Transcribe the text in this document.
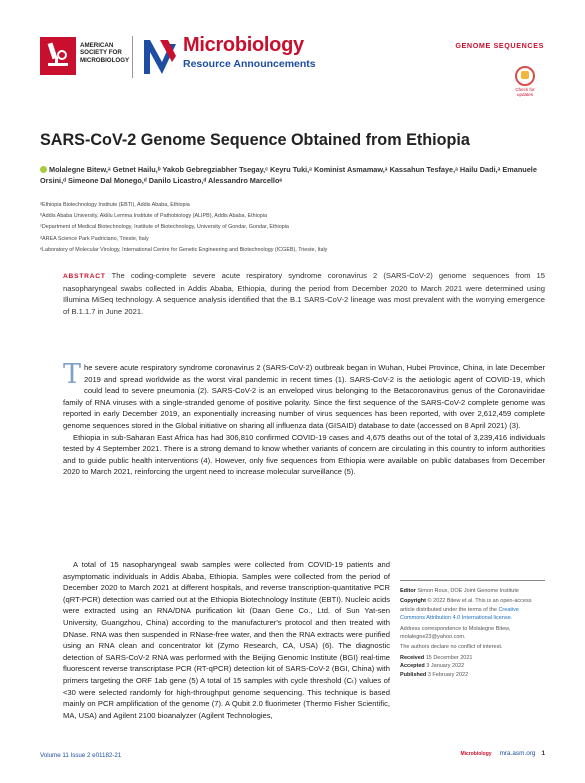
AMERICAN
SOCIETY FOR
MICROBIOLOGY
Microbiology
Resource Announcements
GENOME SEQUENCES
Check for updates
SARS-CoV-2 Genome Sequence Obtained from Ethiopia
Molalegne Bitew,ᵃ Getnet Hailu,ᵇ Yakob Gebregziabher Tsegay,ᶜ Keyru Tuki,ᵃ Kominist Asmamaw,ᵃ Kassahun Tesfaye,ᵃ Hailu Dadi,ᵃ Emanuele Orsini,ᵈ Simeone Dal Monego,ᵈ Danilo Licastro,ᵈ Alessandro Marcelloᵉ
ᵃEthiopia Biotechnology Institute (EBTI), Addis Ababa, Ethiopia
ᵇAddis Ababa University, Aklilu Lemma Institute of Pathobiology (ALIPB), Addis Ababa, Ethiopia
ᶜDepartment of Medical Biotechnology, Institute of Biotechnology, University of Gondar, Gondar, Ethiopia
ᵈAREA Science Park Padriciano, Trieste, Italy
ᵉLaboratory of Molecular Virology, International Centre for Genetic Engineering and Biotechnology (ICGEB), Trieste, Italy
ABSTRACT The coding-complete severe acute respiratory syndrome coronavirus 2 (SARS-CoV-2) genome sequences from 15 nasopharyngeal swabs collected in Addis Ababa, Ethiopia, during the period from December 2020 to March 2021 were determined using Illumina MiSeq technology. A sequence analysis identified that the B.1 SARS-CoV-2 lineage was most prevalent with the worrying emergence of B.1.1.7 in June 2021.

The severe acute respiratory syndrome coronavirus 2 (SARS-CoV-2) outbreak began in Wuhan, Hubei Province, China, in late December 2019 and spread worldwide as the worst viral pandemic in recent times (1). SARS-CoV-2 is the aetiologic agent of COVID-19, which could lead to severe pneumonia (2). SARS-CoV-2 is an enveloped virus belonging to the Betacoronavirus genus of the Coronaviridae family of RNA viruses with a single-stranded genome of positive polarity. Since the first sequence of the SARS-CoV-2 complete genome was reported in early December 2019, an exponentially increasing number of virus sequences has been reported, with over 2,612,459 complete genome sequences stored in the Global initiative on sharing all influenza data (GISAID) database to date (accessed on 8 April 2021) (3).

Ethiopia in sub-Saharan East Africa has had 306,810 confirmed COVID-19 cases and 4,675 deaths out of the total of 3,239,416 individuals tested by 4 September 2021. There is a strong demand to know whether variants of concern are circulating in this country to inform authorities and to guide public health interventions (4). However, only five sequences from Ethiopia were available on public databases from December 2020 to March 2021, reinforcing the urgent need to increase molecular surveillance (5).

A total of 15 nasopharyngeal swab samples were collected from COVID-19 patients and asymptomatic individuals in Addis Ababa, Ethiopia. Samples were collected from the period of December 2020 to March 2021 at different hospitals, and reverse transcription-quantitative PCR (qRT-PCR) detection was carried out at the Ethiopia Biotechnology Institute (EBTI). Nucleic acids were extracted using an RNA/DNA purification kit (Daan Gene Co., Ltd. of Sun Yat-sen University, Guangzhou, China) according to the manufacturer's protocol and then treated with DNase. RNA was then suspended in RNase-free water, and then the RNA extracts were purified using an RNA clean and concentrator kit (Zymo Research, CA, USA) (6). The diagnostic detection of SARS-CoV-2 RNA was performed with the Beijing Genomic Institute (BGI) real-time fluorescent reverse transcriptase PCR (RT-qPCR) detection kit of SARS-CoV-2 (BGI, China) with primers targeting the ORF 1ab gene (5) A total of 15 samples with cycle threshold (Cₜ) values of <30 were selected randomly for high-throughput genome sequencing. This technique is based mainly on PCR amplification of the genome (7). A Qubit 2.0 fluorimeter (Thermo Fisher Scientific, MA, USA) and Agilent 2100 bioanalyzer (Agilent Technologies,

Editor Simon Roux, DOE Joint Genome Institute
Copyright © 2022 Bitew et al. This is an open-access article distributed under the terms of the Creative Commons Attribution 4.0 International license.
Address correspondence to Molalegne Bitew, molalegne23@yahoo.com.
The authors declare no conflict of interest.
Received 15 December 2021
Accepted 3 January 2022
Published 3 February 2022
Volume 11 Issue 2 e01182-21	Microbiology mra.asm.org 1
